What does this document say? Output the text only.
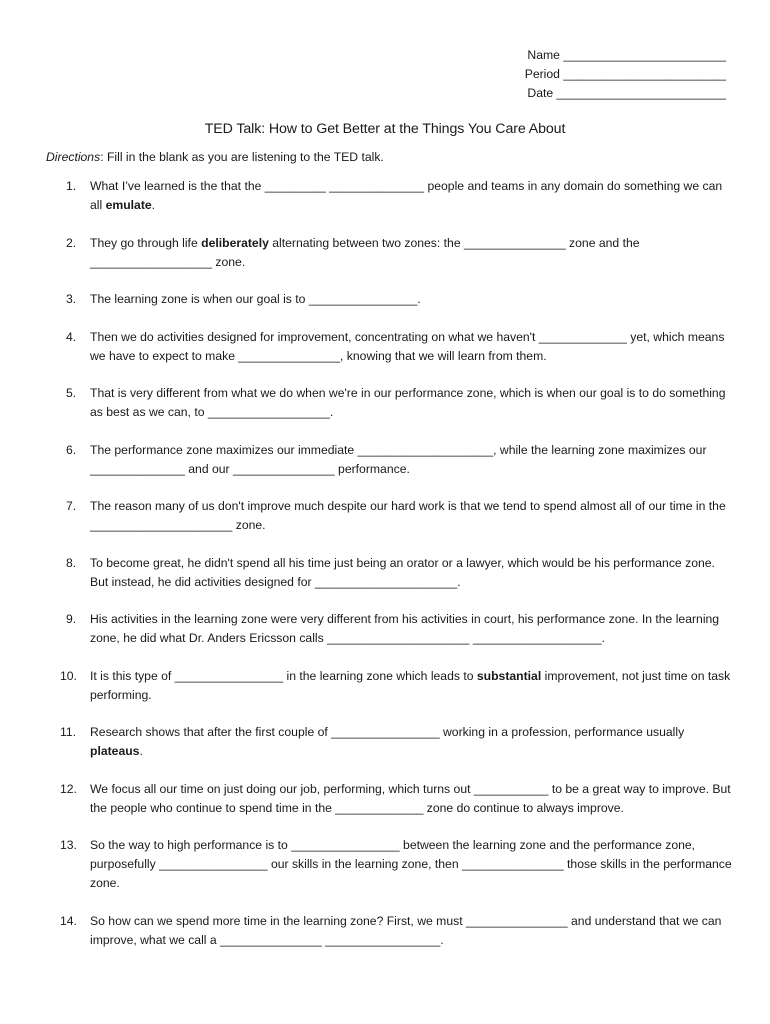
Name ________________________
Period ________________________
Date _________________________
TED Talk: How to Get Better at the Things You Care About
Directions: Fill in the blank as you are listening to the TED talk.
1. What I’ve learned is the that the _________ ______________ people and teams in any domain do something we can all emulate.
2. They go through life deliberately alternating between two zones: the _______________ zone and the __________________ zone.
3. The learning zone is when our goal is to ________________.
4. Then we do activities designed for improvement, concentrating on what we haven't _____________ yet, which means we have to expect to make _______________, knowing that we will learn from them.
5. That is very different from what we do when we're in our performance zone, which is when our goal is to do something as best as we can, to __________________.
6. The performance zone maximizes our immediate ____________________, while the learning zone maximizes our ______________ and our _______________ performance.
7. The reason many of us don't improve much despite our hard work is that we tend to spend almost all of our time in the _____________________ zone.
8. To become great, he didn't spend all his time just being an orator or a lawyer, which would be his performance zone. But instead, he did activities designed for _____________________.
9. His activities in the learning zone were very different from his activities in court, his performance zone. In the learning zone, he did what Dr. Anders Ericsson calls _____________________ ___________________.
10. It is this type of ________________ in the learning zone which leads to substantial improvement, not just time on task performing.
11. Research shows that after the first couple of ________________ working in a profession, performance usually plateaus.
12. We focus all our time on just doing our job, performing, which turns out ___________ to be a great way to improve. But the people who continue to spend time in the _____________ zone do continue to always improve.
13. So the way to high performance is to ________________ between the learning zone and the performance zone, purposefully ________________ our skills in the learning zone, then _______________ those skills in the performance zone.
14. So how can we spend more time in the learning zone? First, we must _______________ and understand that we can improve, what we call a _______________ _________________.
